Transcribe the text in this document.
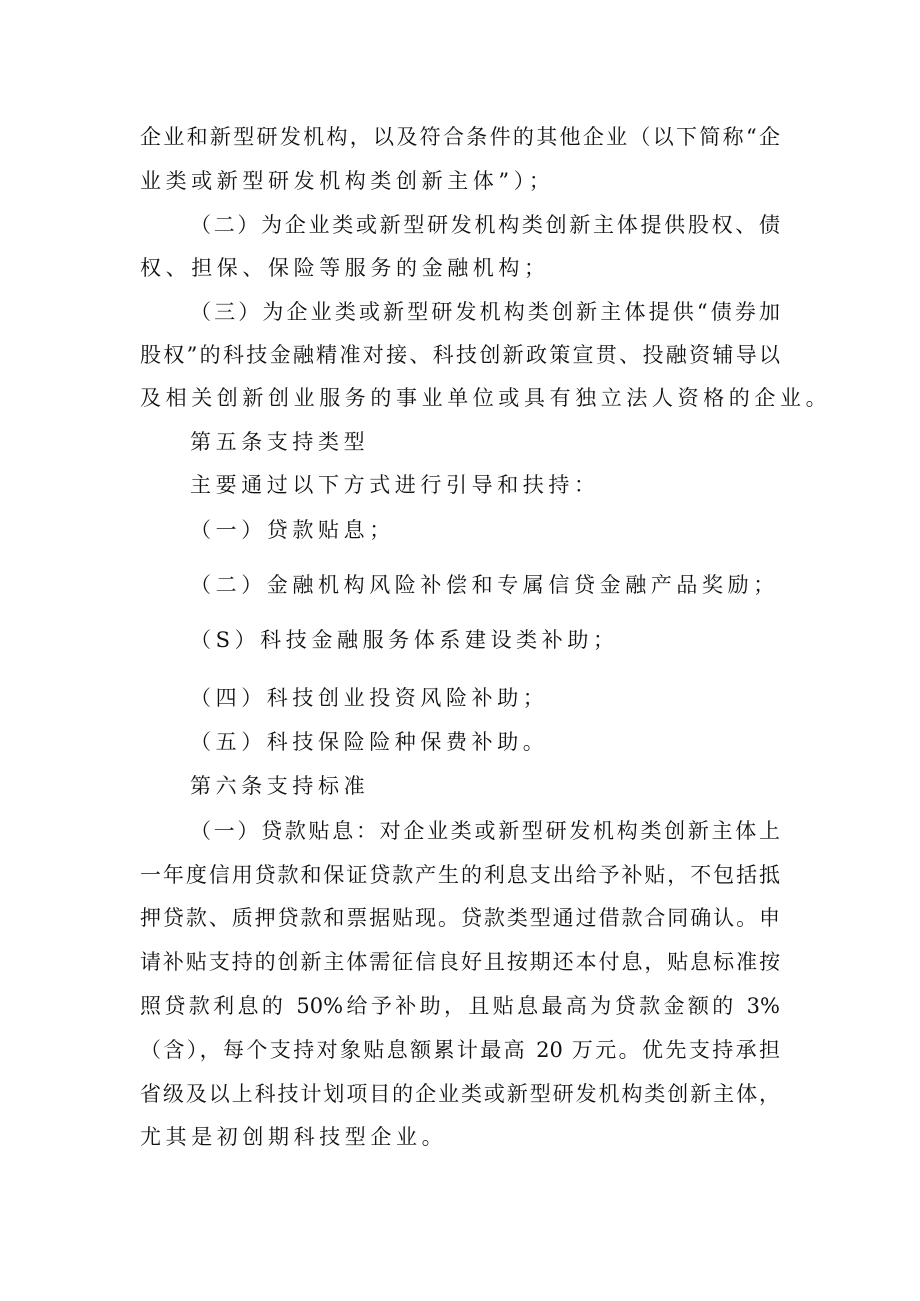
企业和新型研发机构，以及符合条件的其他企业（以下简称“企
业类或新型研发机构类创新主体”）；
（二）为企业类或新型研发机构类创新主体提供股权、债
权、担保、保险等服务的金融机构；
（三）为企业类或新型研发机构类创新主体提供“债券加
股权”的科技金融精准对接、科技创新政策宣贯、投融资辅导以
及相关创新创业服务的事业单位或具有独立法人资格的企业。
第五条支持类型
主要通过以下方式进行引导和扶持：
（一）贷款贴息；
（二）金融机构风险补偿和专属信贷金融产品奖励；
（S）科技金融服务体系建设类补助；
（四）科技创业投资风险补助；
（五）科技保险险种保费补助。
第六条支持标准
（一）贷款贴息：对企业类或新型研发机构类创新主体上
一年度信用贷款和保证贷款产生的利息支出给予补贴，不包括抵
押贷款、质押贷款和票据贴现。贷款类型通过借款合同确认。申
请补贴支持的创新主体需征信良好且按期还本付息，贴息标准按
照贷款利息的 50%给予补助，且贴息最高为贷款金额的 3%
（含），每个支持对象贴息额累计最高 20 万元。优先支持承担
省级及以上科技计划项目的企业类或新型研发机构类创新主体，
尤其是初创期科技型企业。
